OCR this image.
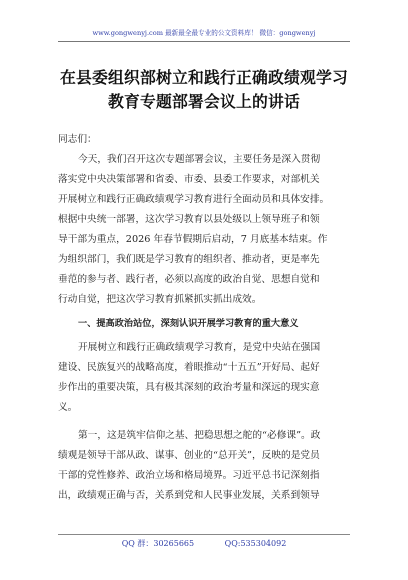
www.gongwenyj.com 最新最全最专业的公文资料库！ 微信：gongwenyj
在县委组织部树立和践行正确政绩观学习
教育专题部署会议上的讲话
同志们：
今天，我们召开这次专题部署会议，主要任务是深入贯彻
落实党中央决策部署和省委、市委、县委工作要求，对部机关
开展树立和践行正确政绩观学习教育进行全面动员和具体安排。
根据中央统一部署，这次学习教育以县处级以上领导班子和领
导干部为重点，2026 年春节假期后启动，7 月底基本结束。作
为组织部门，我们既是学习教育的组织者、推动者，更是率先
垂范的参与者、践行者，必须以高度的政治自觉、思想自觉和
行动自觉，把这次学习教育抓紧抓实抓出成效。
一、提高政治站位，深刻认识开展学习教育的重大意义
开展树立和践行正确政绩观学习教育，是党中央站在强国
建设、民族复兴的战略高度，着眼推动“十五五”开好局、起好
步作出的重要决策，具有极其深刻的政治考量和深远的现实意
义。
第一，这是筑牢信仰之基、把稳思想之舵的“必修课”。政
绩观是领导干部从政、谋事、创业的“总开关”，反映的是党员
干部的党性修养、政治立场和格局境界。习近平总书记深刻指
出，政绩观正确与否，关系到党和人民事业发展，关系到领导
QQ 群：30265665	QQ:535304092
